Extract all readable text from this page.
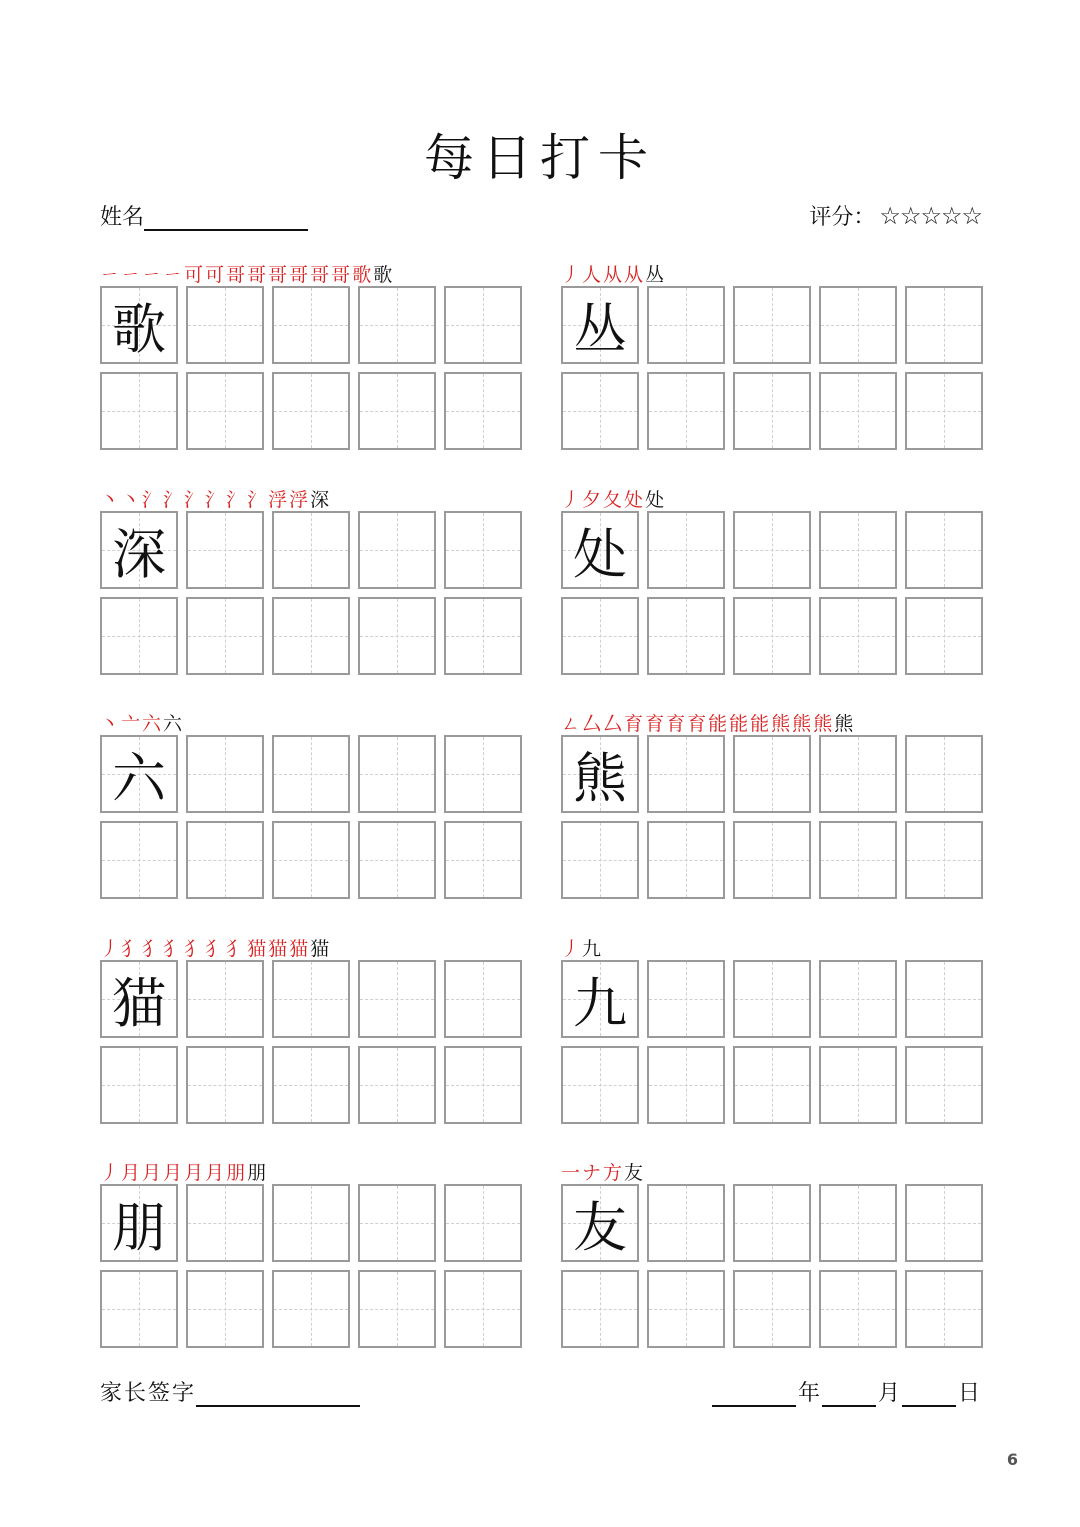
每日打卡
姓名	评分： ☆☆☆☆☆
ㄧㄧㄧㄧ可可哥哥哥哥哥哥歌歌
歌
丿人从从丛
丛
丶丶氵氵氵氵氵氵浮浮深
深
丿夕夂处处
处
丶亠六六
六
ㄥ厶厶育育育育能能能熊熊熊熊
熊
丿犭犭犭犭犭犭猫猫猫猫
猫
丿九
九
丿月月月月月朋朋
朋
一ナ方友
友
家长签字	年	月	日
6
